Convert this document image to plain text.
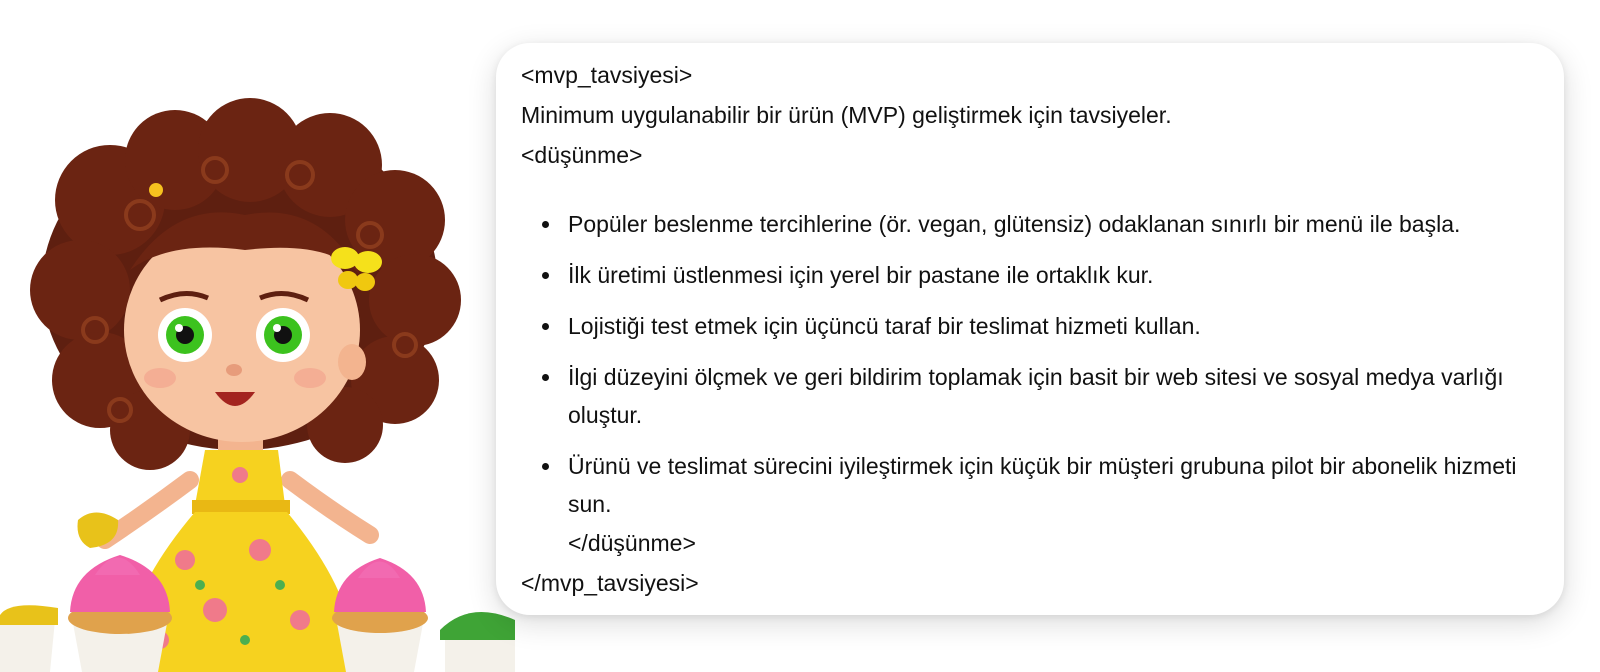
<mvp_tavsiyesi>
Minimum uygulanabilir bir ürün (MVP) geliştirmek için tavsiyeler.
<düşünme>
Popüler beslenme tercihlerine (ör. vegan, glütensiz) odaklanan sınırlı bir menü ile başla.
İlk üretimi üstlenmesi için yerel bir pastane ile ortaklık kur.
Lojistiği test etmek için üçüncü taraf bir teslimat hizmeti kullan.
İlgi düzeyini ölçmek ve geri bildirim toplamak için basit bir web sitesi ve sosyal medya varlığı oluştur.
Ürünü ve teslimat sürecini iyileştirmek için küçük bir müşteri grubuna pilot bir abonelik hizmeti sun.
</düşünme>
</mvp_tavsiyesi>
